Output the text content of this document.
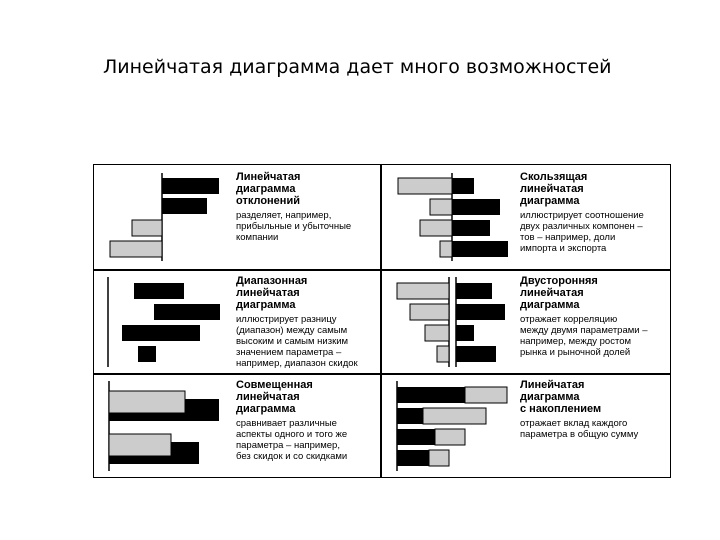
Линейчатая диаграмма дает много возможностей
Линейчатая
диаграмма
отклонений
разделяет, например,
прибыльные и убыточные
компании
Скользящая
линейчатая
диаграмма
иллюстрирует соотношение
двух различных компонен –
тов – например, доли
импорта и экспорта
Диапазонная
линейчатая
диаграмма
иллюстрирует разницу
(диапазон) между самым
высоким и самым низким
значением параметра –
например, диапазон скидок
Двусторонняя
линейчатая
диаграмма
отражает корреляцию
между двумя параметрами –
например, между ростом
рынка и рыночной долей
Совмещенная
линейчатая
диаграмма
сравнивает различные
аспекты одного и того же
параметра – например,
без скидок и со скидками
Линейчатая
диаграмма
с накоплением
отражает вклад каждого
параметра в общую сумму
